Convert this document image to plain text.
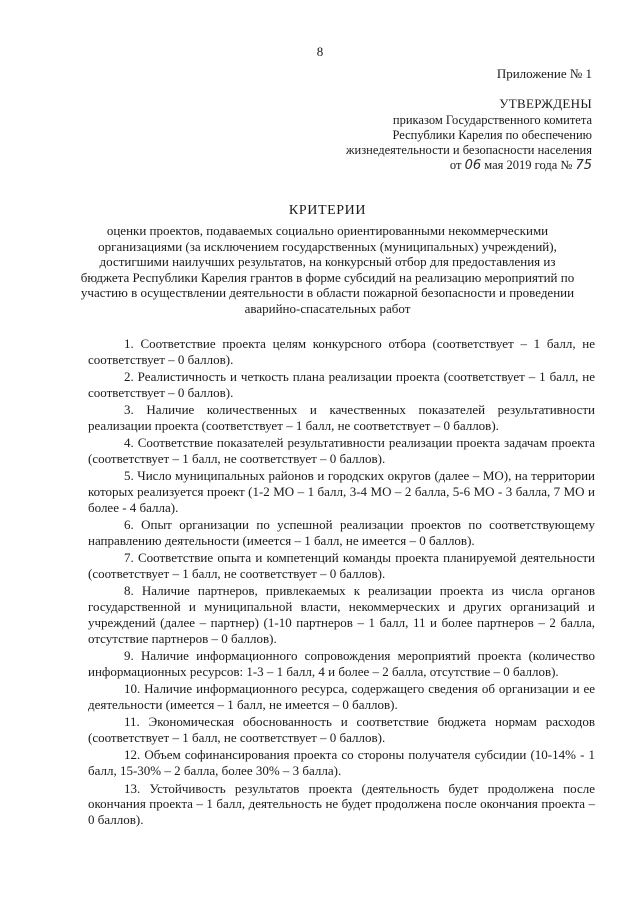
8
Приложение № 1
УТВЕРЖДЕНЫ
приказом Государственного комитета
Республики Карелия по обеспечению
жизнедеятельности и безопасности населения
от 06 мая 2019 года № 75
КРИТЕРИИ
оценки проектов, подаваемых социально ориентированными некоммерческими организациями (за исключением государственных (муниципальных) учреждений), достигшими наилучших результатов, на конкурсный отбор для предоставления из бюджета Республики Карелия грантов в форме субсидий на реализацию мероприятий по участию в осуществлении деятельности в области пожарной безопасности и проведении аварийно-спасательных работ

1. Соответствие проекта целям конкурсного отбора (соответствует – 1 балл, не соответствует – 0 баллов).

2. Реалистичность и четкость плана реализации проекта (соответствует – 1 балл, не соответствует – 0 баллов).

3. Наличие количественных и качественных показателей результативности реализации проекта (соответствует – 1 балл, не соответствует – 0 баллов).

4. Соответствие показателей результативности реализации проекта задачам проекта (соответствует – 1 балл, не соответствует – 0 баллов).

5. Число муниципальных районов и городских округов (далее – МО), на территории которых реализуется проект (1-2 МО – 1 балл, 3-4 МО – 2 балла, 5-6 МО - 3 балла, 7 МО и более - 4 балла).

6. Опыт организации по успешной реализации проектов по соответствующему направлению деятельности (имеется – 1 балл, не имеется – 0 баллов).

7. Соответствие опыта и компетенций команды проекта планируемой деятельности (соответствует – 1 балл, не соответствует – 0 баллов).

8. Наличие партнеров, привлекаемых к реализации проекта из числа органов государственной и муниципальной власти, некоммерческих и других организаций и учреждений (далее – партнер) (1-10 партнеров – 1 балл, 11 и более партнеров – 2 балла, отсутствие партнеров – 0 баллов).

9. Наличие информационного сопровождения мероприятий проекта (количество информационных ресурсов: 1-3 – 1 балл, 4 и более – 2 балла, отсутствие – 0 баллов).

10. Наличие информационного ресурса, содержащего сведения об организации и ее деятельности (имеется – 1 балл, не имеется – 0 баллов).

11. Экономическая обоснованность и соответствие бюджета нормам расходов (соответствует – 1 балл, не соответствует – 0 баллов).

12. Объем софинансирования проекта со стороны получателя субсидии (10-14% - 1 балл, 15-30% – 2 балла, более 30% – 3 балла).

13. Устойчивость результатов проекта (деятельность будет продолжена после окончания проекта – 1 балл, деятельность не будет продолжена после окончания проекта – 0 баллов).
